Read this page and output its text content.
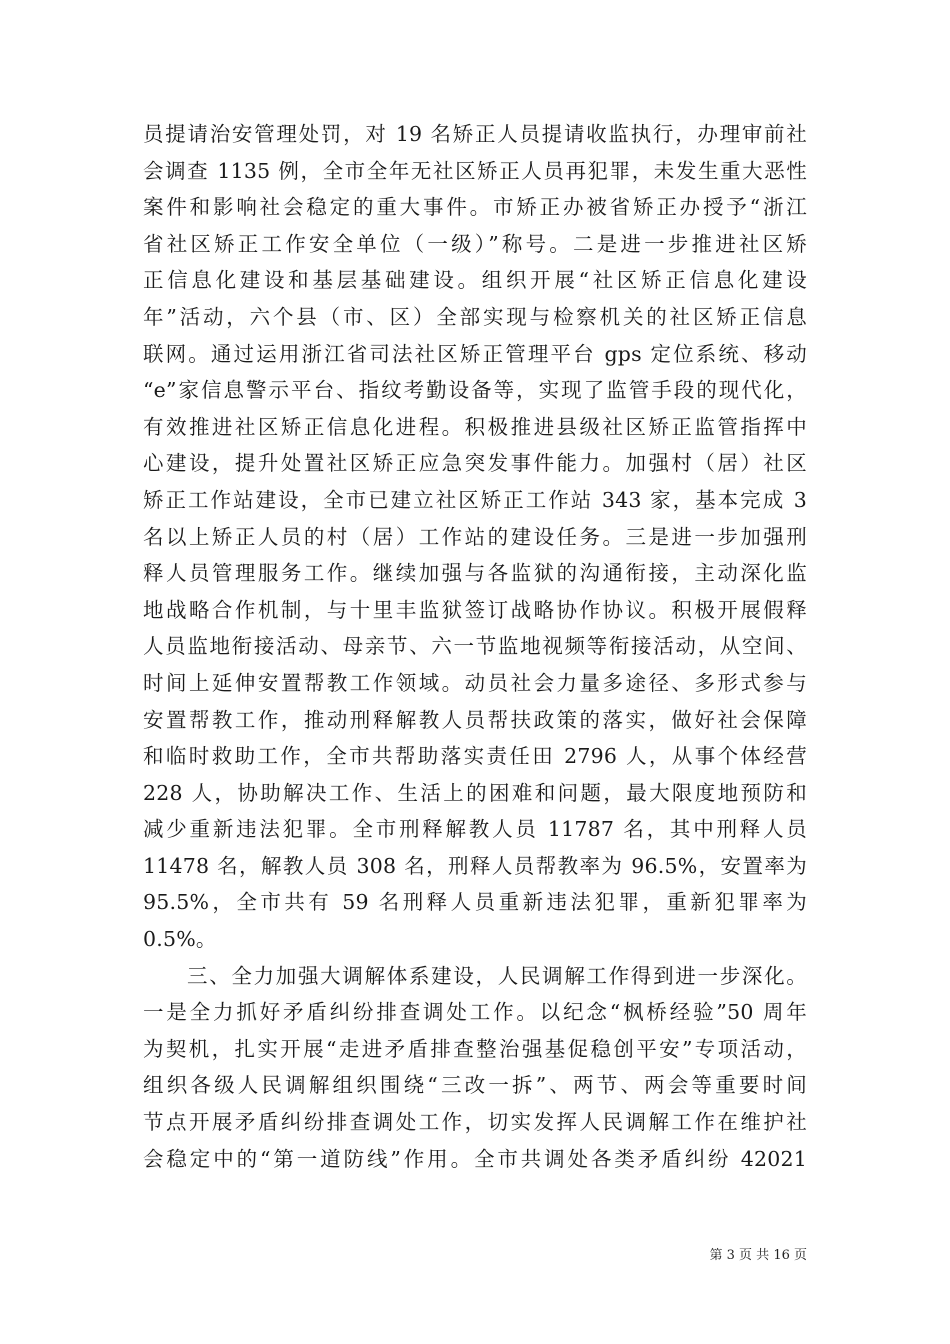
员提请治安管理处罚，对 19 名矫正人员提请收监执行，办理审前社
会调查 1135 例，全市全年无社区矫正人员再犯罪，未发生重大恶性
案件和影响社会稳定的重大事件。市矫正办被省矫正办授予“浙江
省社区矫正工作安全单位（一级）”称号。二是进一步推进社区矫
正信息化建设和基层基础建设。组织开展“社区矫正信息化建设
年”活动，六个县（市、区）全部实现与检察机关的社区矫正信息
联网。通过运用浙江省司法社区矫正管理平台 gps 定位系统、移动
“e”家信息警示平台、指纹考勤设备等，实现了监管手段的现代化，
有效推进社区矫正信息化进程。积极推进县级社区矫正监管指挥中
心建设，提升处置社区矫正应急突发事件能力。加强村（居）社区
矫正工作站建设，全市已建立社区矫正工作站 343 家，基本完成 3
名以上矫正人员的村（居）工作站的建设任务。三是进一步加强刑
释人员管理服务工作。继续加强与各监狱的沟通衔接，主动深化监
地战略合作机制，与十里丰监狱签订战略协作协议。积极开展假释
人员监地衔接活动、母亲节、六一节监地视频等衔接活动，从空间、
时间上延伸安置帮教工作领域。动员社会力量多途径、多形式参与
安置帮教工作，推动刑释解教人员帮扶政策的落实，做好社会保障
和临时救助工作，全市共帮助落实责任田 2796 人，从事个体经营
228 人，协助解决工作、生活上的困难和问题，最大限度地预防和
减少重新违法犯罪。全市刑释解教人员 11787 名，其中刑释人员
11478 名，解教人员 308 名，刑释人员帮教率为 96.5%，安置率为
95.5%，全市共有 59 名刑释人员重新违法犯罪，重新犯罪率为
0.5%。
三、全力加强大调解体系建设，人民调解工作得到进一步深化。
一是全力抓好矛盾纠纷排查调处工作。以纪念“枫桥经验”50 周年
为契机，扎实开展“走进矛盾排查整治强基促稳创平安”专项活动，
组织各级人民调解组织围绕“三改一拆”、两节、两会等重要时间
节点开展矛盾纠纷排查调处工作，切实发挥人民调解工作在维护社
会稳定中的“第一道防线”作用。全市共调处各类矛盾纠纷 42021
第 3 页 共 16 页
